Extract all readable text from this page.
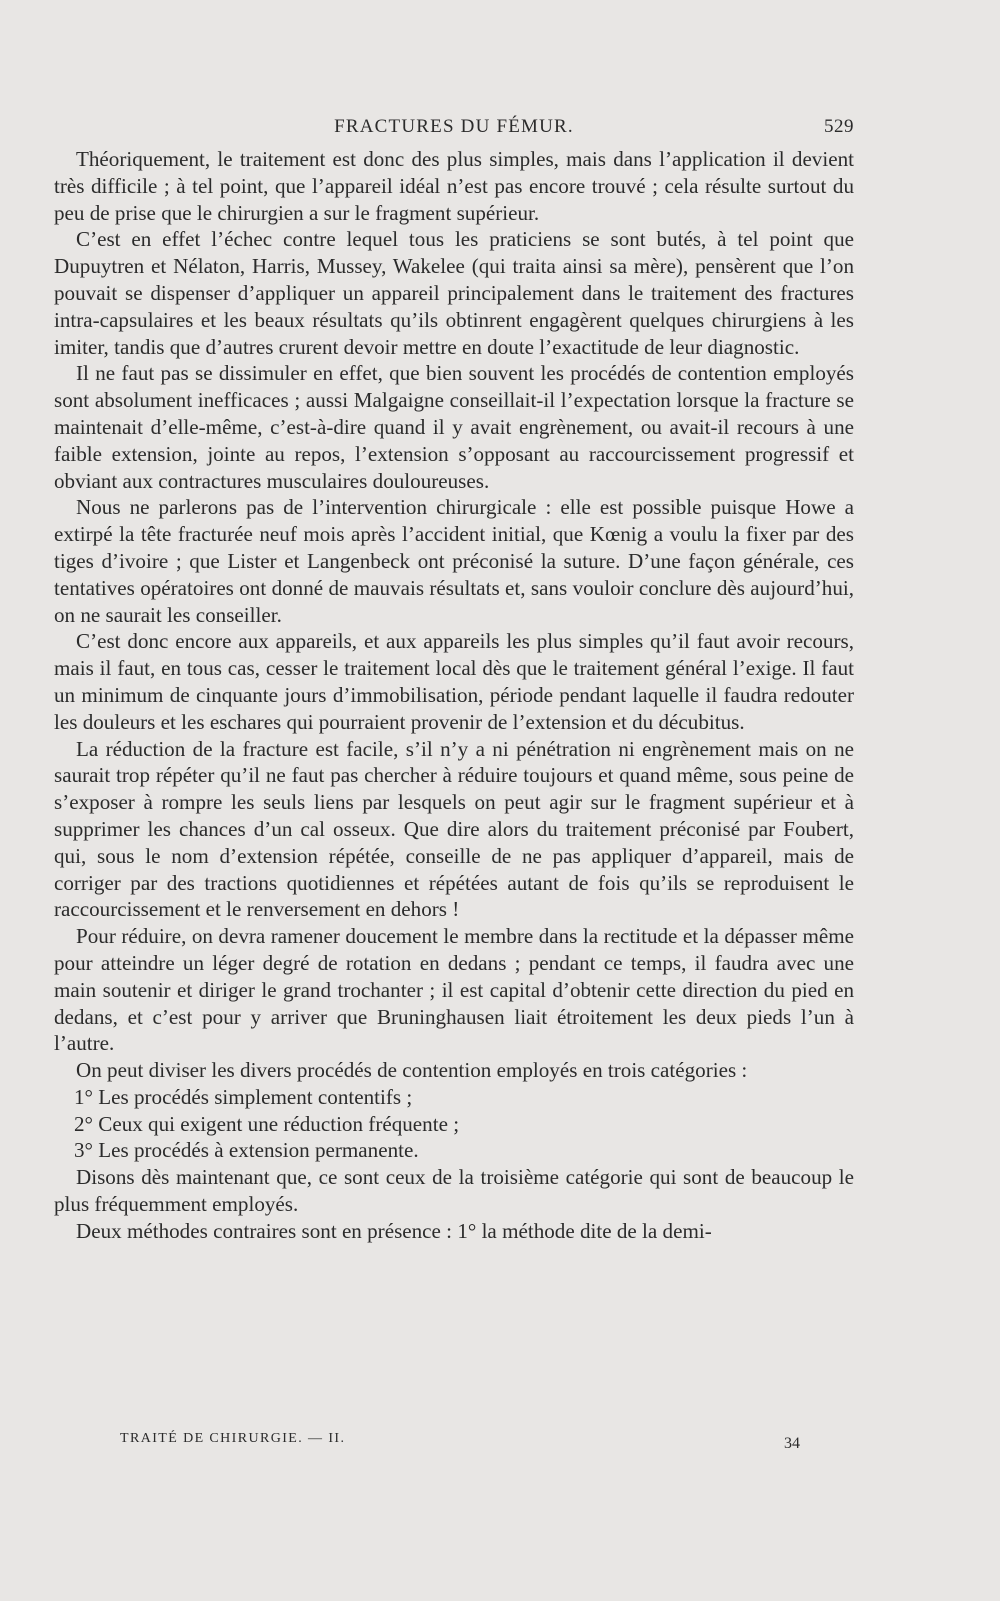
FRACTURES DU FÉMUR.	529

Théoriquement, le traitement est donc des plus simples, mais dans l’application il devient très difficile ; à tel point, que l’appareil idéal n’est pas encore trouvé ; cela résulte surtout du peu de prise que le chirurgien a sur le fragment supérieur.

C’est en effet l’échec contre lequel tous les praticiens se sont butés, à tel point que Dupuytren et Nélaton, Harris, Mussey, Wakelee (qui traita ainsi sa mère), pensèrent que l’on pouvait se dispenser d’appliquer un appareil principalement dans le traitement des fractures intra-capsulaires et les beaux résultats qu’ils obtinrent engagèrent quelques chirurgiens à les imiter, tandis que d’autres crurent devoir mettre en doute l’exactitude de leur diagnostic.

Il ne faut pas se dissimuler en effet, que bien souvent les procédés de contention employés sont absolument inefficaces ; aussi Malgaigne conseillait-il l’expectation lorsque la fracture se maintenait d’elle-même, c’est-à-dire quand il y avait engrènement, ou avait-il recours à une faible extension, jointe au repos, l’extension s’opposant au raccourcissement progressif et obviant aux contractures musculaires douloureuses.

Nous ne parlerons pas de l’intervention chirurgicale : elle est possible puisque Howe a extirpé la tête fracturée neuf mois après l’accident initial, que Kœnig a voulu la fixer par des tiges d’ivoire ; que Lister et Langenbeck ont préconisé la suture. D’une façon générale, ces tentatives opératoires ont donné de mauvais résultats et, sans vouloir conclure dès aujourd’hui, on ne saurait les conseiller.

C’est donc encore aux appareils, et aux appareils les plus simples qu’il faut avoir recours, mais il faut, en tous cas, cesser le traitement local dès que le traitement général l’exige. Il faut un minimum de cinquante jours d’immobilisation, période pendant laquelle il faudra redouter les douleurs et les eschares qui pourraient provenir de l’extension et du décubitus.

La réduction de la fracture est facile, s’il n’y a ni pénétration ni engrènement mais on ne saurait trop répéter qu’il ne faut pas chercher à réduire toujours et quand même, sous peine de s’exposer à rompre les seuls liens par lesquels on peut agir sur le fragment supérieur et à supprimer les chances d’un cal osseux. Que dire alors du traitement préconisé par Foubert, qui, sous le nom d’extension répétée, conseille de ne pas appliquer d’appareil, mais de corriger par des tractions quotidiennes et répétées autant de fois qu’ils se reproduisent le raccourcissement et le renversement en dehors !

Pour réduire, on devra ramener doucement le membre dans la rectitude et la dépasser même pour atteindre un léger degré de rotation en dedans ; pendant ce temps, il faudra avec une main soutenir et diriger le grand trochanter ; il est capital d’obtenir cette direction du pied en dedans, et c’est pour y arriver que Bruninghausen liait étroitement les deux pieds l’un à l’autre.

On peut diviser les divers procédés de contention employés en trois catégories :

1° Les procédés simplement contentifs ;

2° Ceux qui exigent une réduction fréquente ;

3° Les procédés à extension permanente.

Disons dès maintenant que, ce sont ceux de la troisième catégorie qui sont de beaucoup le plus fréquemment employés.

Deux méthodes contraires sont en présence : 1° la méthode dite de la demi-

TRAITÉ DE CHIRURGIE. — II.	34
